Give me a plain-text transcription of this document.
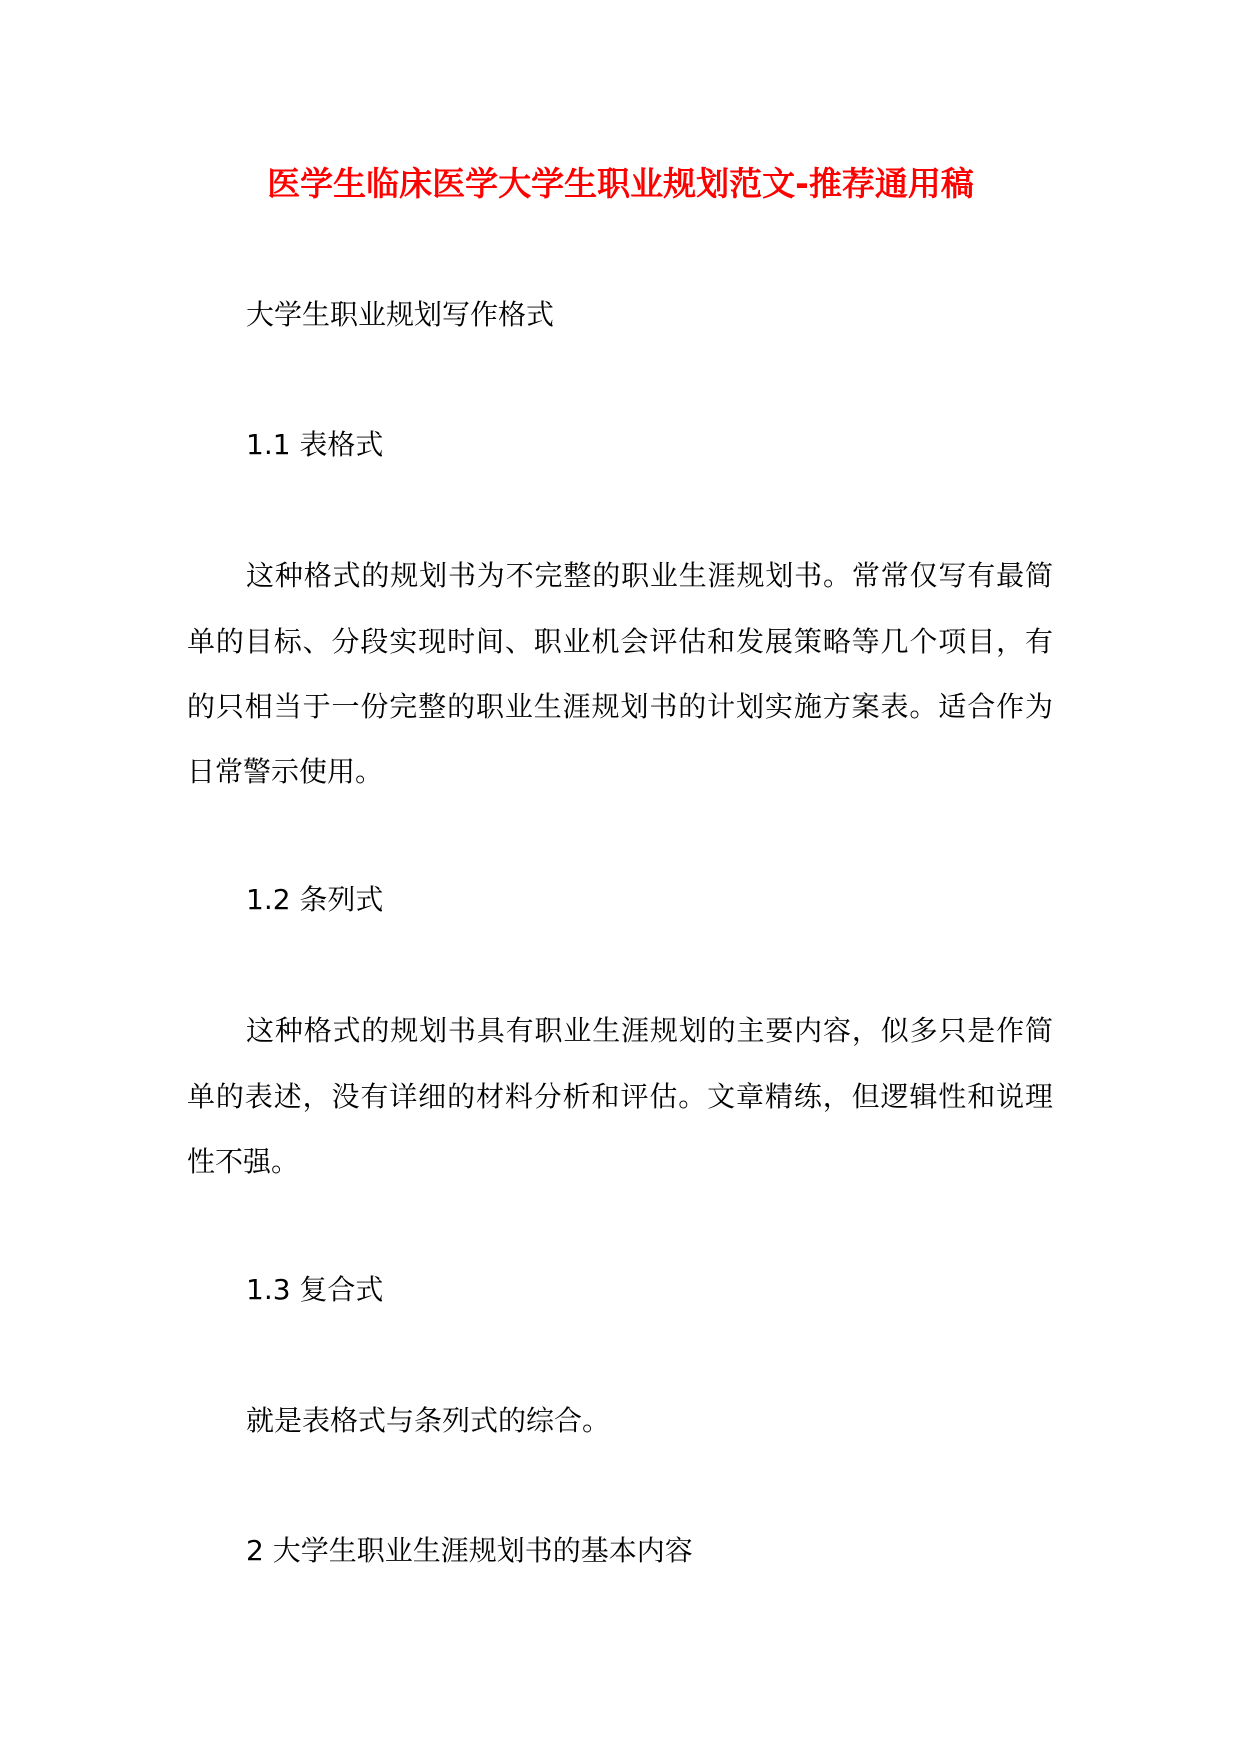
医学生临床医学大学生职业规划范文-推荐通用稿
大学生职业规划写作格式
1.1 表格式
这种格式的规划书为不完整的职业生涯规划书。常常仅写有最简
单的目标、分段实现时间、职业机会评估和发展策略等几个项目，有
的只相当于一份完整的职业生涯规划书的计划实施方案表。适合作为
日常警示使用。
1.2 条列式
这种格式的规划书具有职业生涯规划的主要内容，似多只是作简
单的表述，没有详细的材料分析和评估。文章精练，但逻辑性和说理
性不强。
1.3 复合式
就是表格式与条列式的综合。
2 大学生职业生涯规划书的基本内容
